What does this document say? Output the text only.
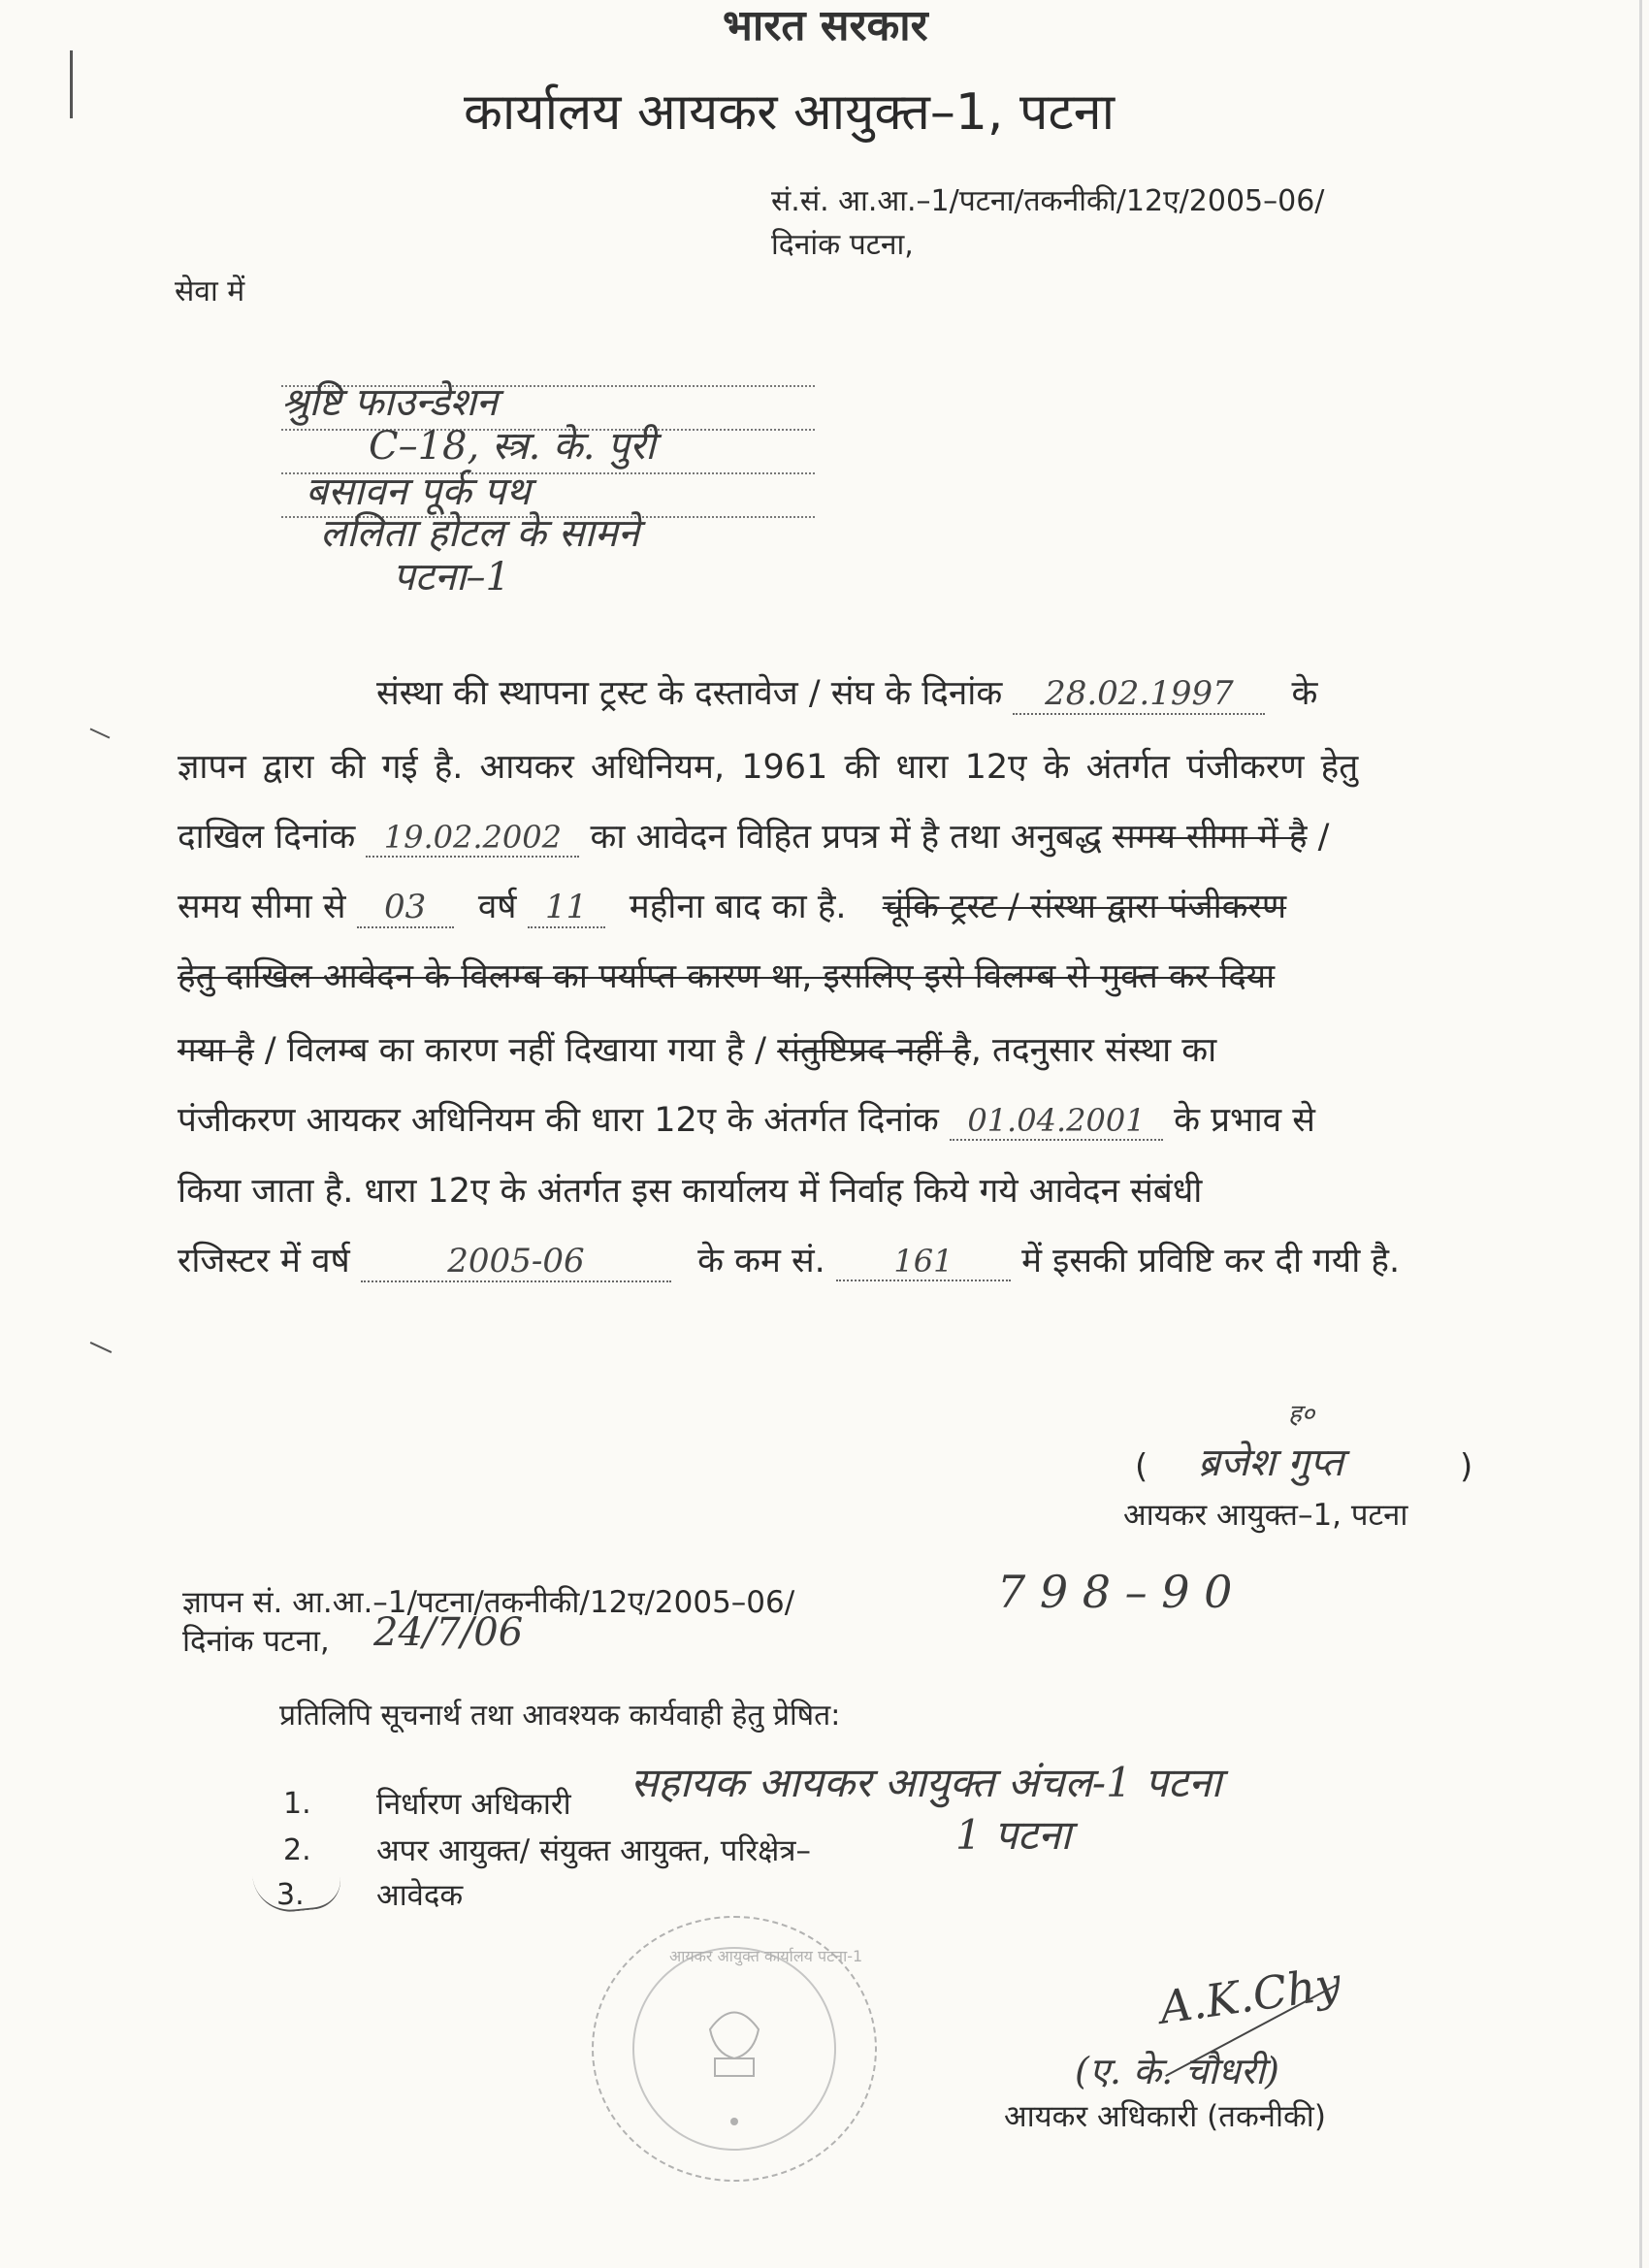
भारत सरकार
कार्यालय आयकर आयुक्त–1, पटना
सं.सं. आ.आ.–1/पटना/तकनीकी/12ए/2005–06/
दिनांक पटना,
सेवा में
श्रुष्टि फाउन्डेशन
C–18, स्त्र. के. पुरी
बसावन पूर्क पथ
ललिता होटल के सामने
पटना–1
संस्था की स्थापना ट्रस्ट के दस्तावेज / संघ के दिनांक 28.02.1997 के
ज्ञापन द्वारा की गई है. आयकर अधिनियम, 1961 की धारा 12ए के अंतर्गत पंजीकरण हेतु
दाखिल दिनांक 19.02.2002 का आवेदन विहित प्रपत्र में है तथा अनुबद्ध समय सीमा में है /
समय सीमा से 03 वर्ष 11 महीना बाद का है. चूंकि ट्रस्ट / संस्था द्वारा पंजीकरण
हेतु दाखिल आवेदन के विलम्ब का पर्याप्त कारण था, इसलिए इसे विलम्ब से मुक्त कर दिया
गया है / विलम्ब का कारण नहीं दिखाया गया है / संतुष्टिप्रद नहीं है, तदनुसार संस्था का
पंजीकरण आयकर अधिनियम की धारा 12ए के अंतर्गत दिनांक 01.04.2001 के प्रभाव से
किया जाता है. धारा 12ए के अंतर्गत इस कार्यालय में निर्वाह किये गये आवेदन संबंधी
रजिस्टर में वर्ष	2005-06	के कम सं. 161 में इसकी प्रविष्टि कर दी गयी है.
ह०
( ब्रजेश गुप्त	)
आयकर आयुक्त–1, पटना
ज्ञापन सं. आ.आ.–1/पटना/तकनीकी/12ए/2005–06/	7 9 8 – 9 0
दिनांक पटना, 24/7/06
प्रतिलिपि सूचनार्थ तथा आवश्यक कार्यवाही हेतु प्रेषित:
1. निर्धारण अधिकारी सहायक आयकर आयुक्त अंचल-1 पटना
2. अपर आयुक्त/ संयुक्त आयुक्त, परिक्षेत्र–	1 पटना
3. आवेदक
आयकर आयुक्त कार्यालय पटना-1
A.K.Chy
(ए. के. चौधरी)
आयकर अधिकारी (तकनीकी)
